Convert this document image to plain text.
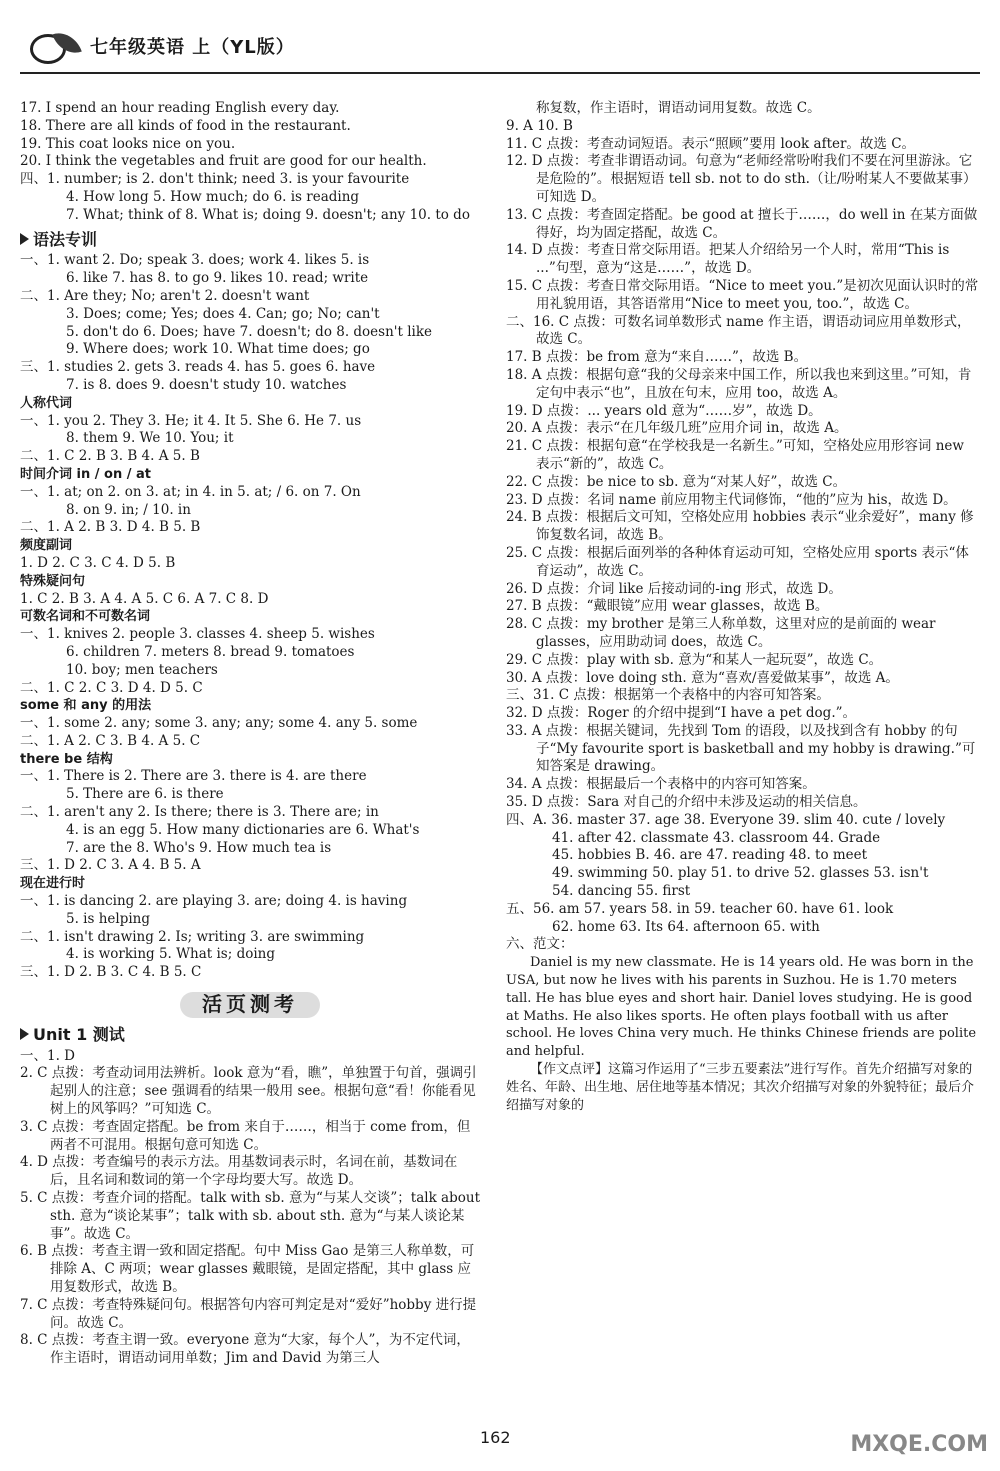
七年级英语 上（YL版）

17. I spend an hour reading English every day.

18. There are all kinds of food in the restaurant.

19. This coat looks nice on you.

20. I think the vegetables and fruit are good for our health.

四、1. number; is 2. don't think; need 3. is your favourite

4. How long 5. How much; do 6. is reading

7. What; think of 8. What is; doing 9. doesn't; any 10. to do

语法专训

一、1. want 2. Do; speak 3. does; work 4. likes 5. is

6. like 7. has 8. to go 9. likes 10. read; write

二、1. Are they; No; aren't 2. doesn't want

3. Does; come; Yes; does 4. Can; go; No; can't

5. don't do 6. Does; have 7. doesn't; do 8. doesn't like

9. Where does; work 10. What time does; go

三、1. studies 2. gets 3. reads 4. has 5. goes 6. have

7. is 8. does 9. doesn't study 10. watches

人称代词

一、1. you 2. They 3. He; it 4. It 5. She 6. He 7. us

8. them 9. We 10. You; it

二、1. C 2. B 3. B 4. A 5. B

时间介词 in / on / at

一、1. at; on 2. on 3. at; in 4. in 5. at; / 6. on 7. On

8. on 9. in; / 10. in

二、1. A 2. B 3. D 4. B 5. B

频度副词

1. D 2. C 3. C 4. D 5. B

特殊疑问句

1. C 2. B 3. A 4. A 5. C 6. A 7. C 8. D

可数名词和不可数名词

一、1. knives 2. people 3. classes 4. sheep 5. wishes

6. children 7. meters 8. bread 9. tomatoes

10. boy; men teachers

二、1. C 2. C 3. D 4. D 5. C

some 和 any 的用法

一、1. some 2. any; some 3. any; any; some 4. any 5. some

二、1. A 2. C 3. B 4. A 5. C

there be 结构

一、1. There is 2. There are 3. there is 4. are there

5. There are 6. is there

二、1. aren't any 2. Is there; there is 3. There are; in

4. is an egg 5. How many dictionaries are 6. What's

7. are the 8. Who's 9. How much tea is

三、1. D 2. C 3. A 4. B 5. A

现在进行时

一、1. is dancing 2. are playing 3. are; doing 4. is having

5. is helping

二、1. isn't drawing 2. Is; writing 3. are swimming

4. is working 5. What is; doing

三、1. D 2. B 3. C 4. B 5. C

活页测考
Unit 1 测试

一、1. D

2. C 点拨：考查动词用法辨析。look 意为“看，瞧”，单独置于句首，强调引起别人的注意；see 强调看的结果一般用 see。根据句意“看！你能看见树上的风筝吗？”可知选 C。

3. C 点拨：考查固定搭配。be from 来自于……，相当于 come from，但两者不可混用。根据句意可知选 C。

4. D 点拨：考查编号的表示方法。用基数词表示时，名词在前，基数词在后，且名词和数词的第一个字母均要大写。故选 D。

5. C 点拨：考查介词的搭配。talk with sb. 意为“与某人交谈”；talk about sth. 意为“谈论某事”；talk with sb. about sth. 意为“与某人谈论某事”。故选 C。

6. B 点拨：考查主谓一致和固定搭配。句中 Miss Gao 是第三人称单数，可排除 A、C 两项；wear glasses 戴眼镜，是固定搭配，其中 glass 应用复数形式，故选 B。

7. C 点拨：考查特殊疑问句。根据答句内容可判定是对“爱好”hobby 进行提问。故选 C。

8. C 点拨：考查主谓一致。everyone 意为“大家，每个人”，为不定代词，作主语时，谓语动词用单数；Jim and David 为第三人

称复数，作主语时，谓语动词用复数。故选 C。

9. A 10. B

11. C 点拨：考查动词短语。表示“照顾”要用 look after。故选 C。

12. D 点拨：考查非谓语动词。句意为“老师经常吩咐我们不要在河里游泳。它是危险的”。根据短语 tell sb. not to do sth.（让/吩咐某人不要做某事）可知选 D。

13. C 点拨：考查固定搭配。be good at 擅长于……，do well in 在某方面做得好，均为固定搭配，故选 C。

14. D 点拨：考查日常交际用语。把某人介绍给另一个人时，常用“This is ...”句型，意为“这是……”，故选 D。

15. C 点拨：考查日常交际用语。“Nice to meet you.”是初次见面认识时的常用礼貌用语，其答语常用“Nice to meet you, too.”，故选 C。

二、16. C 点拨：可数名词单数形式 name 作主语，谓语动词应用单数形式，故选 C。

17. B 点拨：be from 意为“来自……”，故选 B。

18. A 点拨：根据句意“我的父母亲来中国工作，所以我也来到这里。”可知，肯定句中表示“也”，且放在句末，应用 too，故选 A。

19. D 点拨：... years old 意为“……岁”，故选 D。

20. A 点拨：表示“在几年级几班”应用介词 in，故选 A。

21. C 点拨：根据句意“在学校我是一名新生。”可知，空格处应用形容词 new 表示“新的”，故选 C。

22. C 点拨：be nice to sb. 意为“对某人好”，故选 C。

23. D 点拨：名词 name 前应用物主代词修饰，“他的”应为 his，故选 D。

24. B 点拨：根据后文可知，空格处应用 hobbies 表示“业余爱好”，many 修饰复数名词，故选 B。

25. C 点拨：根据后面列举的各种体育运动可知，空格处应用 sports 表示“体育运动”，故选 C。

26. D 点拨：介词 like 后接动词的-ing 形式，故选 D。

27. B 点拨：“戴眼镜”应用 wear glasses，故选 B。

28. C 点拨：my brother 是第三人称单数，这里对应的是前面的 wear glasses，应用助动词 does，故选 C。

29. C 点拨：play with sb. 意为“和某人一起玩耍”，故选 C。

30. A 点拨：love doing sth. 意为“喜欢/喜爱做某事”，故选 A。

三、31. C 点拨：根据第一个表格中的内容可知答案。

32. D 点拨：Roger 的介绍中提到“I have a pet dog.”。

33. A 点拨：根据关键词，先找到 Tom 的语段，以及找到含有 hobby 的句子“My favourite sport is basketball and my hobby is drawing.”可知答案是 drawing。

34. A 点拨：根据最后一个表格中的内容可知答案。

35. D 点拨：Sara 对自己的介绍中未涉及运动的相关信息。

四、A. 36. master 37. age 38. Everyone 39. slim 40. cute / lovely

41. after 42. classmate 43. classroom 44. Grade

45. hobbies B. 46. are 47. reading 48. to meet

49. swimming 50. play 51. to drive 52. glasses 53. isn't

54. dancing 55. first

五、56. am 57. years 58. in 59. teacher 60. have 61. look

62. home 63. Its 64. afternoon 65. with

六、范文：

Daniel is my new classmate. He is 14 years old. He was born in the USA, but now he lives with his parents in Suzhou. He is 1.70 meters tall. He has blue eyes and short hair. Daniel loves studying. He is good at Maths. He also likes sports. He often plays football with us after school. He loves China very much. He thinks Chinese friends are polite and helpful.

【作文点评】这篇习作运用了“三步五要素法”进行写作。首先介绍描写对象的姓名、年龄、出生地、居住地等基本情况；其次介绍描写对象的外貌特征；最后介绍描写对象的

162	MXQE.COM
